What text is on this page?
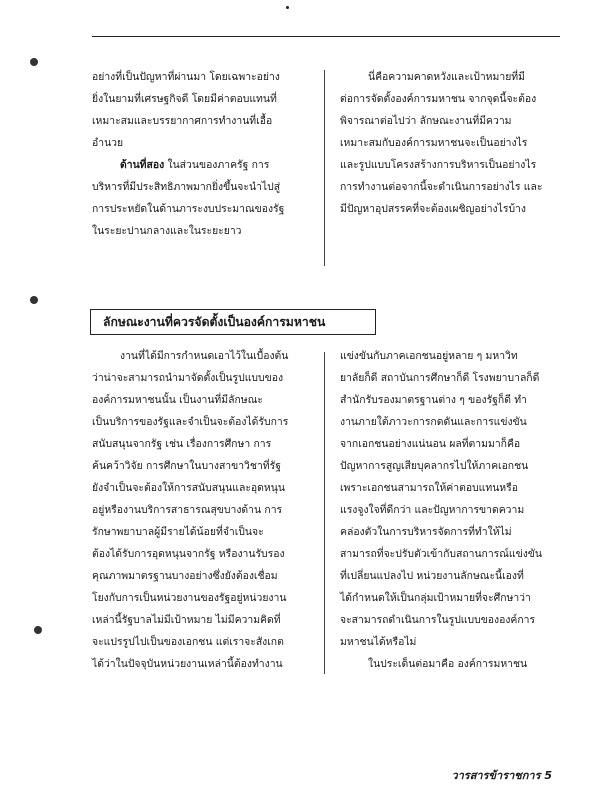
อย่างที่เป็นปัญหาที่ผ่านมา โดยเฉพาะอย่าง
ยิ่งในยามที่เศรษฐกิจดี โดยมีค่าตอบแทนที่
เหมาะสมและบรรยากาศการทำงานที่เอื้อ
อำนวย
ด้านที่สอง ในส่วนของภาครัฐ การ
บริหารที่มีประสิทธิภาพมากยิ่งขึ้นจะนำไปสู่
การประหยัดในด้านภาระงบประมาณของรัฐ
ในระยะปานกลางและในระยะยาว
นี่คือความคาดหวังและเป้าหมายที่มี
ต่อการจัดตั้งองค์การมหาชน จากจุดนี้จะต้อง
พิจารณาต่อไปว่า ลักษณะงานที่มีความ
เหมาะสมกับองค์การมหาชนจะเป็นอย่างไร
และรูปแบบโครงสร้างการบริหารเป็นอย่างไร
การทำงานต่อจากนี้จะดำเนินการอย่างไร และ
มีปัญหาอุปสรรคที่จะต้องเผชิญอย่างไรบ้าง
ลักษณะงานที่ควรจัดตั้งเป็นองค์การมหาชน
งานที่ได้มีการกำหนดเอาไว้ในเบื้องต้น
ว่าน่าจะสามารถนำมาจัดตั้งเป็นรูปแบบของ
องค์การมหาชนนั้น เป็นงานที่มีลักษณะ
เป็นบริการของรัฐและจำเป็นจะต้องได้รับการ
สนับสนุนจากรัฐ เช่น เรื่องการศึกษา การ
ค้นคว้าวิจัย การศึกษาในบางสาขาวิชาที่รัฐ
ยังจำเป็นจะต้องให้การสนับสนุนและอุดหนุน
อยู่หรืองานบริการสาธารณสุขบางด้าน การ
รักษาพยาบาลผู้มีรายได้น้อยที่จำเป็นจะ
ต้องได้รับการอุดหนุนจากรัฐ หรืองานรับรอง
คุณภาพมาตรฐานบางอย่างซึ่งยังต้องเชื่อม
โยงกับการเป็นหน่วยงานของรัฐอยู่หน่วยงาน
เหล่านี้รัฐบาลไม่มีเป้าหมาย ไม่มีความคิดที่
จะแปรรูปไปเป็นของเอกชน แต่เราจะสังเกต
ได้ว่าในปัจจุบันหน่วยงานเหล่านี้ต้องทำงาน
แข่งขันกับภาคเอกชนอยู่หลาย ๆ มหาวิท
ยาลัยก็ดี สถาบันการศึกษาก็ดี โรงพยาบาลก็ดี
สำนักรับรองมาตรฐานต่าง ๆ ของรัฐก็ดี ทำ
งานภายใต้ภาวะการกดดันและการแข่งขัน
จากเอกชนอย่างแน่นอน ผลที่ตามมาก็คือ
ปัญหาการสูญเสียบุคลากรไปให้ภาคเอกชน
เพราะเอกชนสามารถให้ค่าตอบแทนหรือ
แรงจูงใจที่ดีกว่า และปัญหาการขาดความ
คล่องตัวในการบริหารจัดการที่ทำให้ไม่
สามารถที่จะปรับตัวเข้ากับสถานการณ์แข่งขัน
ที่เปลี่ยนแปลงไป หน่วยงานลักษณะนี้เองที่
ได้กำหนดให้เป็นกลุ่มเป้าหมายที่จะศึกษาว่า
จะสามารถดำเนินการในรูปแบบขององค์การ
มหาชนได้หรือไม่
ในประเด็นต่อมาคือ องค์การมหาชน
วารสารข้าราชการ 5
